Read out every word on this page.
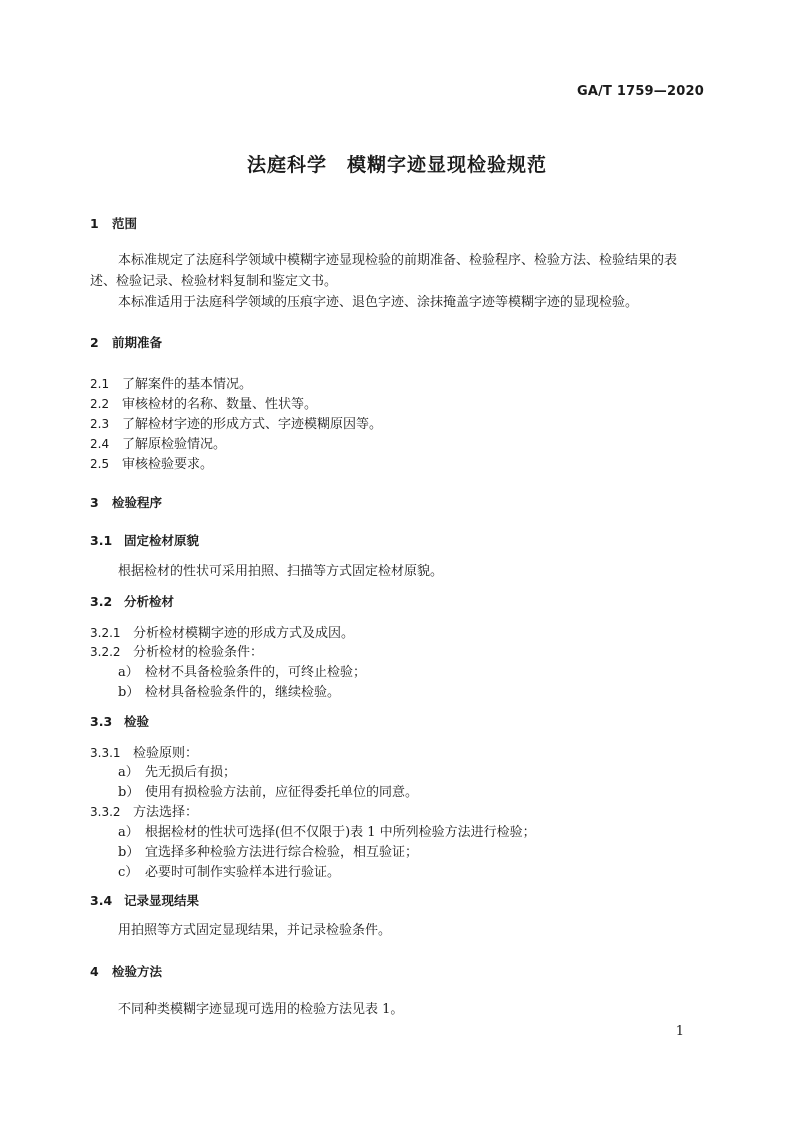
GA/T 1759—2020
法庭科学　模糊字迹显现检验规范
1 范围
本标准规定了法庭科学领域中模糊字迹显现检验的前期准备、检验程序、检验方法、检验结果的表
述、检验记录、检验材料复制和鉴定文书。
本标准适用于法庭科学领域的压痕字迹、退色字迹、涂抹掩盖字迹等模糊字迹的显现检验。
2 前期准备
2.1 了解案件的基本情况。
2.2 审核检材的名称、数量、性状等。
2.3 了解检材字迹的形成方式、字迹模糊原因等。
2.4 了解原检验情况。
2.5 审核检验要求。
3 检验程序
3.1 固定检材原貌
根据检材的性状可采用拍照、扫描等方式固定检材原貌。
3.2 分析检材
3.2.1 分析检材模糊字迹的形成方式及成因。
3.2.2 分析检材的检验条件：
a） 检材不具备检验条件的，可终止检验；
b） 检材具备检验条件的，继续检验。
3.3 检验
3.3.1 检验原则：
a） 先无损后有损；
b） 使用有损检验方法前，应征得委托单位的同意。
3.3.2 方法选择：
a） 根据检材的性状可选择(但不仅限于)表 1 中所列检验方法进行检验；
b） 宜选择多种检验方法进行综合检验，相互验证；
c） 必要时可制作实验样本进行验证。
3.4 记录显现结果
用拍照等方式固定显现结果，并记录检验条件。
4 检验方法
不同种类模糊字迹显现可选用的检验方法见表 1。
1
